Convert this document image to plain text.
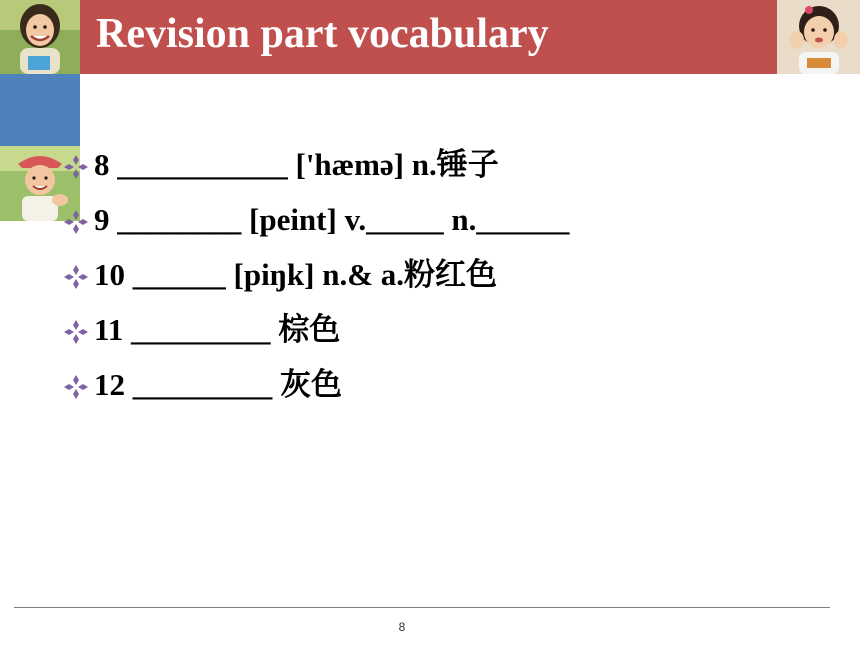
Revision part vocabulary
8 ___________ ['hæmə] n.锤子
9 ________ [peint] v._____ n.______
10 ______ [piŋk] n.& a.粉红色
11 _________ 棕色
12 _________ 灰色
8
